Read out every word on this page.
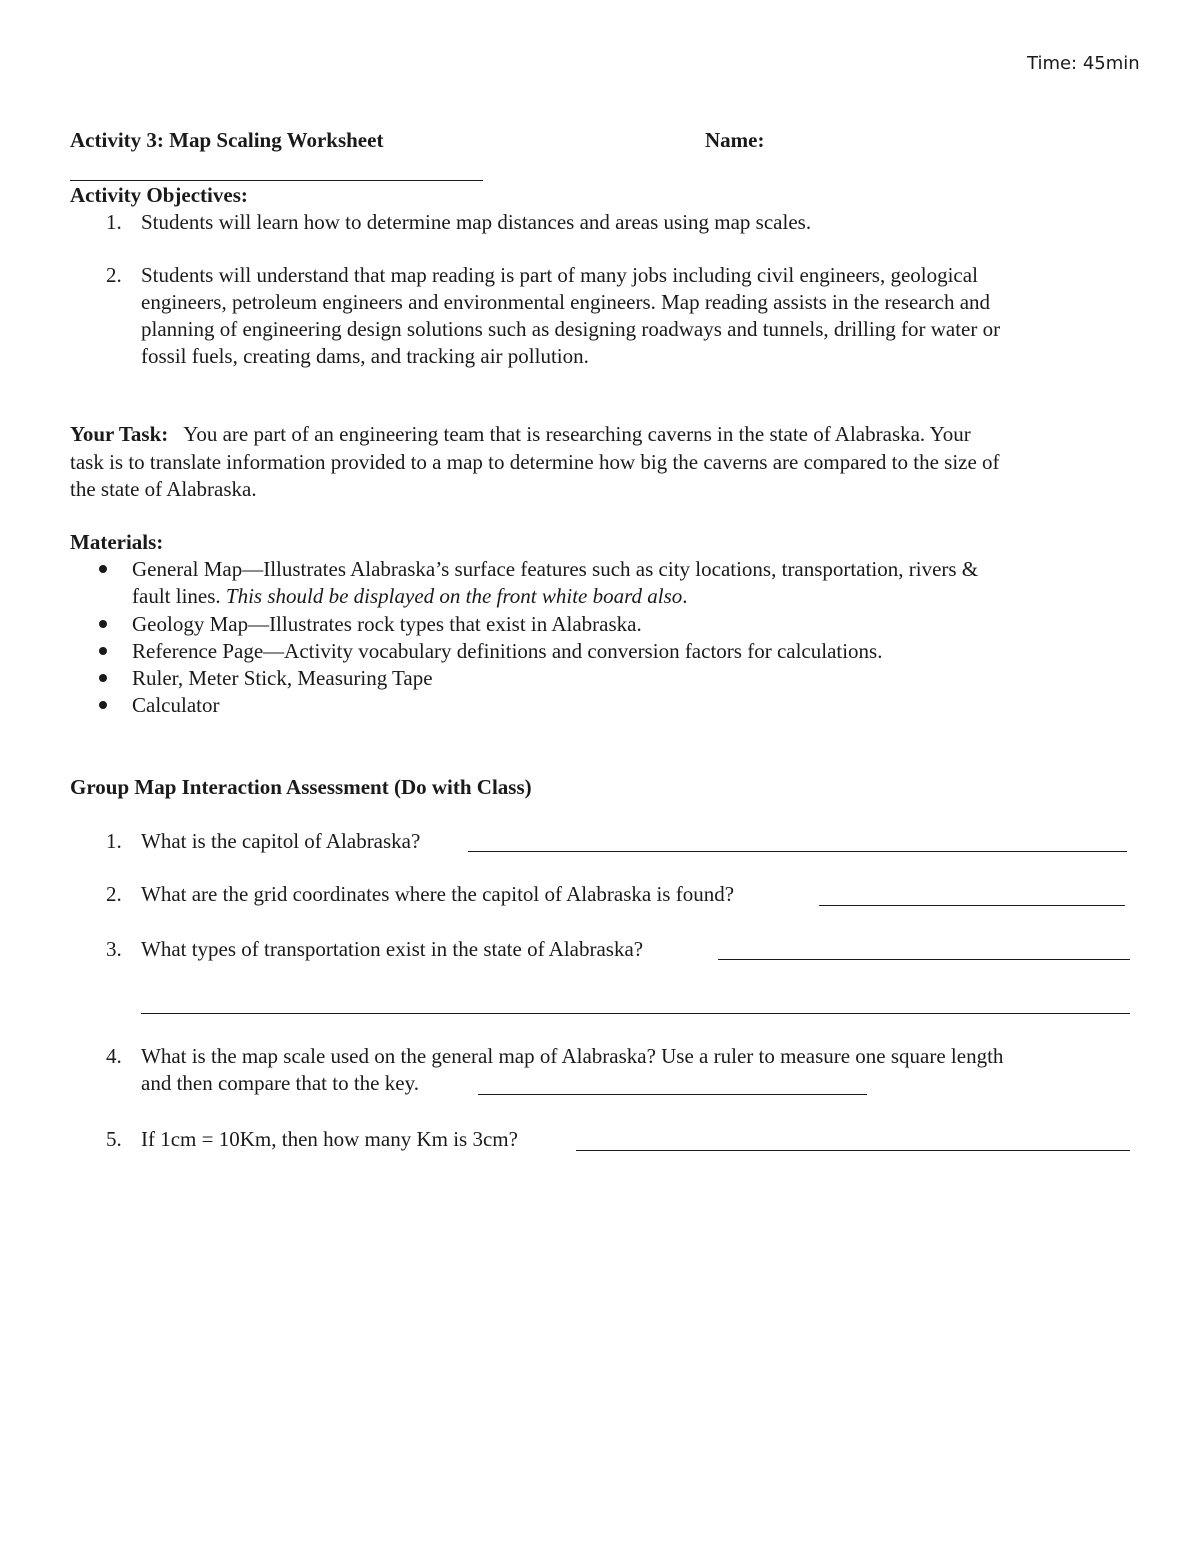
Time: 45min
Activity 3: Map Scaling Worksheet	Name:
Activity Objectives:
1. Students will learn how to determine map distances and areas using map scales.
2. Students will understand that map reading is part of many jobs including civil engineers, geological
engineers, petroleum engineers and environmental engineers. Map reading assists in the research and
planning of engineering design solutions such as designing roadways and tunnels, drilling for water or
fossil fuels, creating dams, and tracking air pollution.
Your Task: You are part of an engineering team that is researching caverns in the state of Alabraska. Your
task is to translate information provided to a map to determine how big the caverns are compared to the size of
the state of Alabraska.
Materials:
General Map—Illustrates Alabraska’s surface features such as city locations, transportation, rivers &
fault lines. This should be displayed on the front white board also.
Geology Map—Illustrates rock types that exist in Alabraska.
Reference Page—Activity vocabulary definitions and conversion factors for calculations.
Ruler, Meter Stick, Measuring Tape
Calculator
Group Map Interaction Assessment (Do with Class)
1. What is the capitol of Alabraska?
2. What are the grid coordinates where the capitol of Alabraska is found?
3. What types of transportation exist in the state of Alabraska?
4. What is the map scale used on the general map of Alabraska? Use a ruler to measure one square length
and then compare that to the key.
5. If 1cm = 10Km, then how many Km is 3cm?
